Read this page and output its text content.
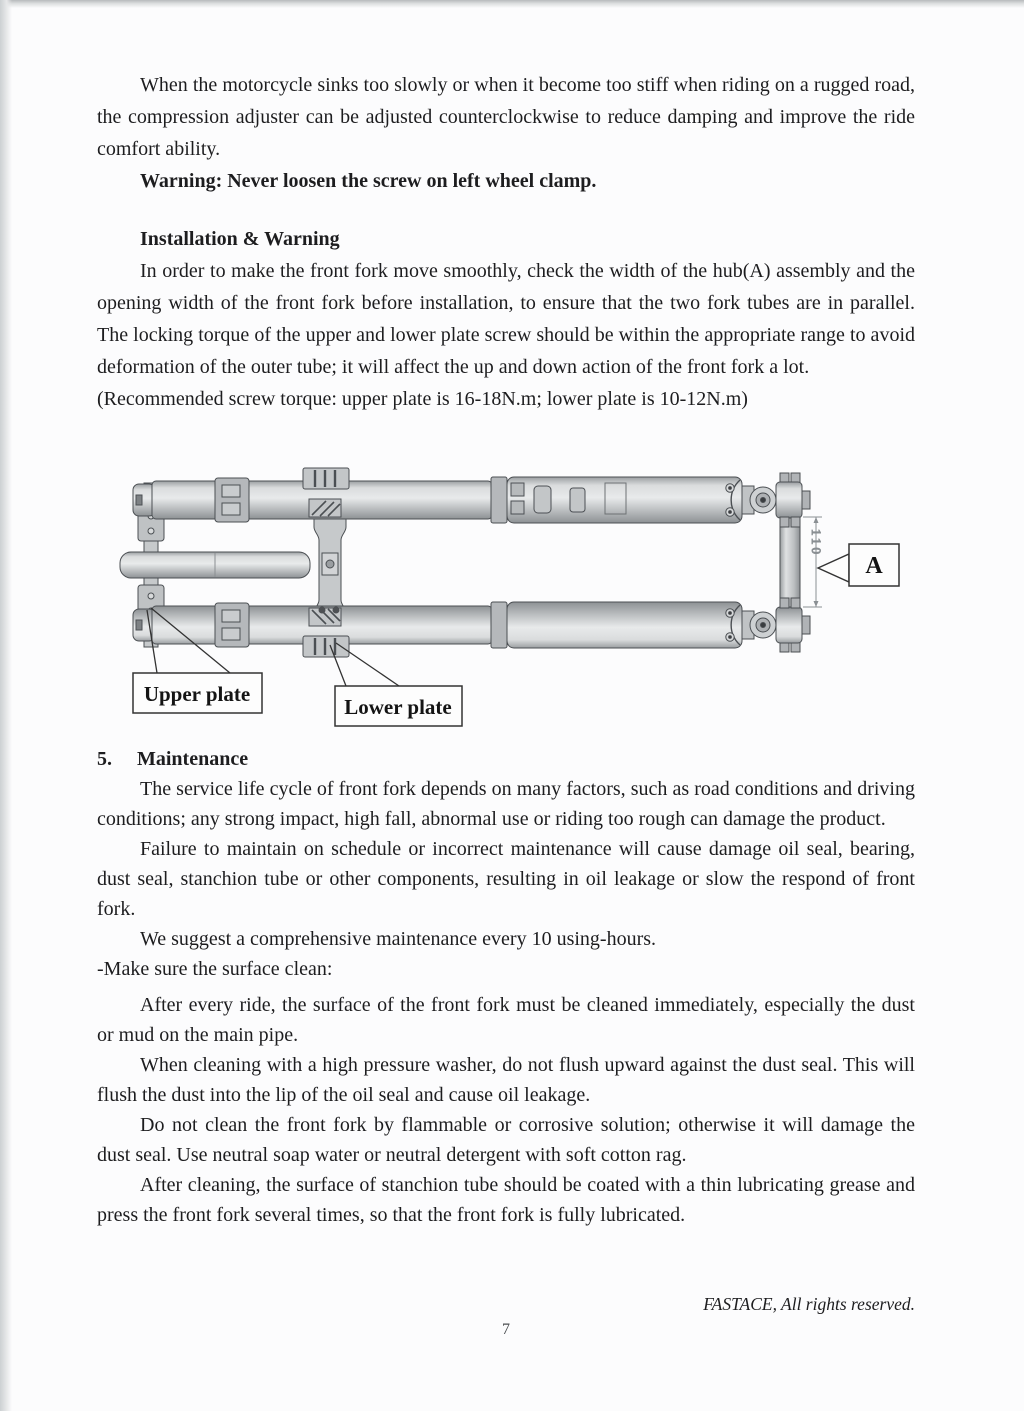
When the motorcycle sinks too slowly or when it become too stiff when riding on a rugged road, the compression adjuster can be adjusted counterclockwise to reduce damping and improve the ride comfort ability.

Warning: Never loosen the screw on left wheel clamp.

Installation & Warning

In order to make the front fork move smoothly, check the width of the hub(A) assembly and the opening width of the front fork before installation, to ensure that the two fork tubes are in parallel. The locking torque of the upper and lower plate screw should be within the appropriate range to avoid deformation of the outer tube; it will affect the up and down action of the front fork a lot.

(Recommended screw torque: upper plate is 16-18N.m; lower plate is 10-12N.m)

110
Upper plate
Lower plate
A

5. Maintenance

The service life cycle of front fork depends on many factors, such as road conditions and driving conditions; any strong impact, high fall, abnormal use or riding too rough can damage the product.

Failure to maintain on schedule or incorrect maintenance will cause damage oil seal, bearing, dust seal, stanchion tube or other components, resulting in oil leakage or slow the respond of front fork.

We suggest a comprehensive maintenance every 10 using-hours.

-Make sure the surface clean:

After every ride, the surface of the front fork must be cleaned immediately, especially the dust or mud on the main pipe.

When cleaning with a high pressure washer, do not flush upward against the dust seal. This will flush the dust into the lip of the oil seal and cause oil leakage.

Do not clean the front fork by flammable or corrosive solution; otherwise it will damage the dust seal. Use neutral soap water or neutral detergent with soft cotton rag.

After cleaning, the surface of stanchion tube should be coated with a thin lubricating grease and press the front fork several times, so that the front fork is fully lubricated.

FASTACE, All rights reserved.
7
